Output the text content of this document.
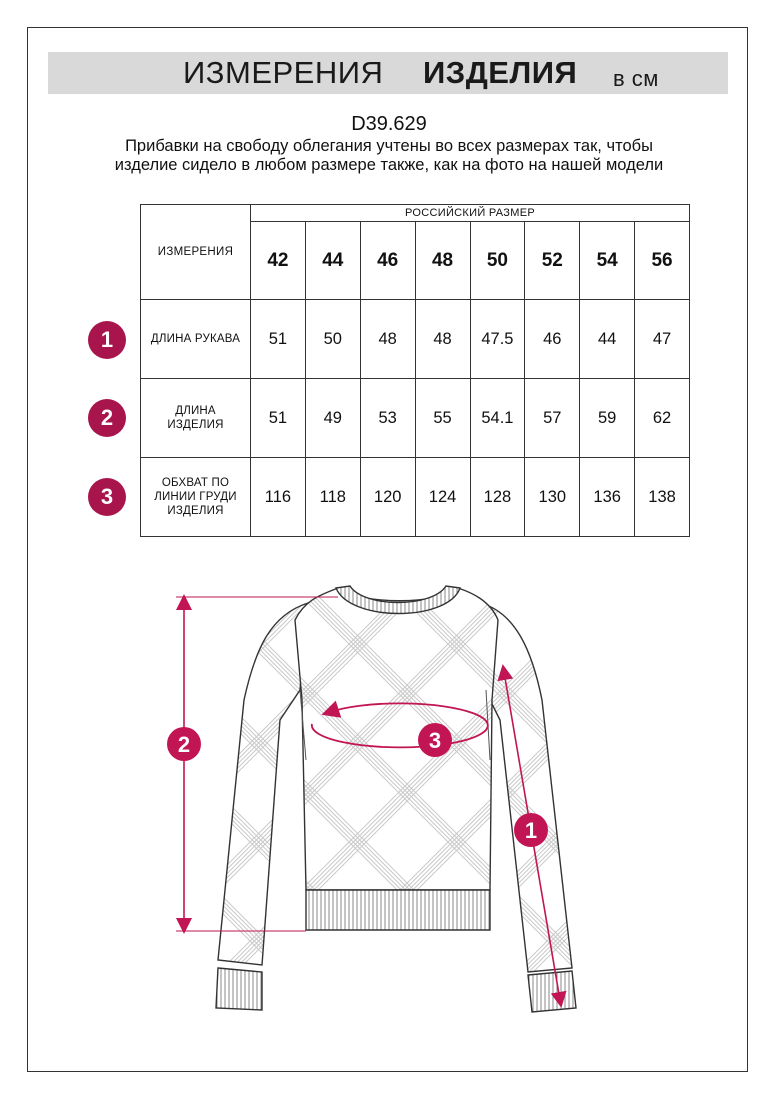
ИЗМЕРЕНИЯ ИЗДЕЛИЯ в см
D39.629
Прибавки на свободу облегания учтены во всех размерах так, чтобы изделие сидело в любом размере также, как на фото на нашей модели
ИЗМЕРЕНИЯ	РОССИЙСКИЙ РАЗМЕР							
	42	44	46	48	50	52	54	56
ДЛИНА РУКАВА	51	50	48	48	47.5	46	44	47
ДЛИНА ИЗДЕЛИЯ	51	49	53	55	54.1	57	59	62
ОБХВАТ ПО ЛИНИИ ГРУДИ ИЗДЕЛИЯ	116	118	120	124	128	130	136	138
1
2
3
2	3
1
